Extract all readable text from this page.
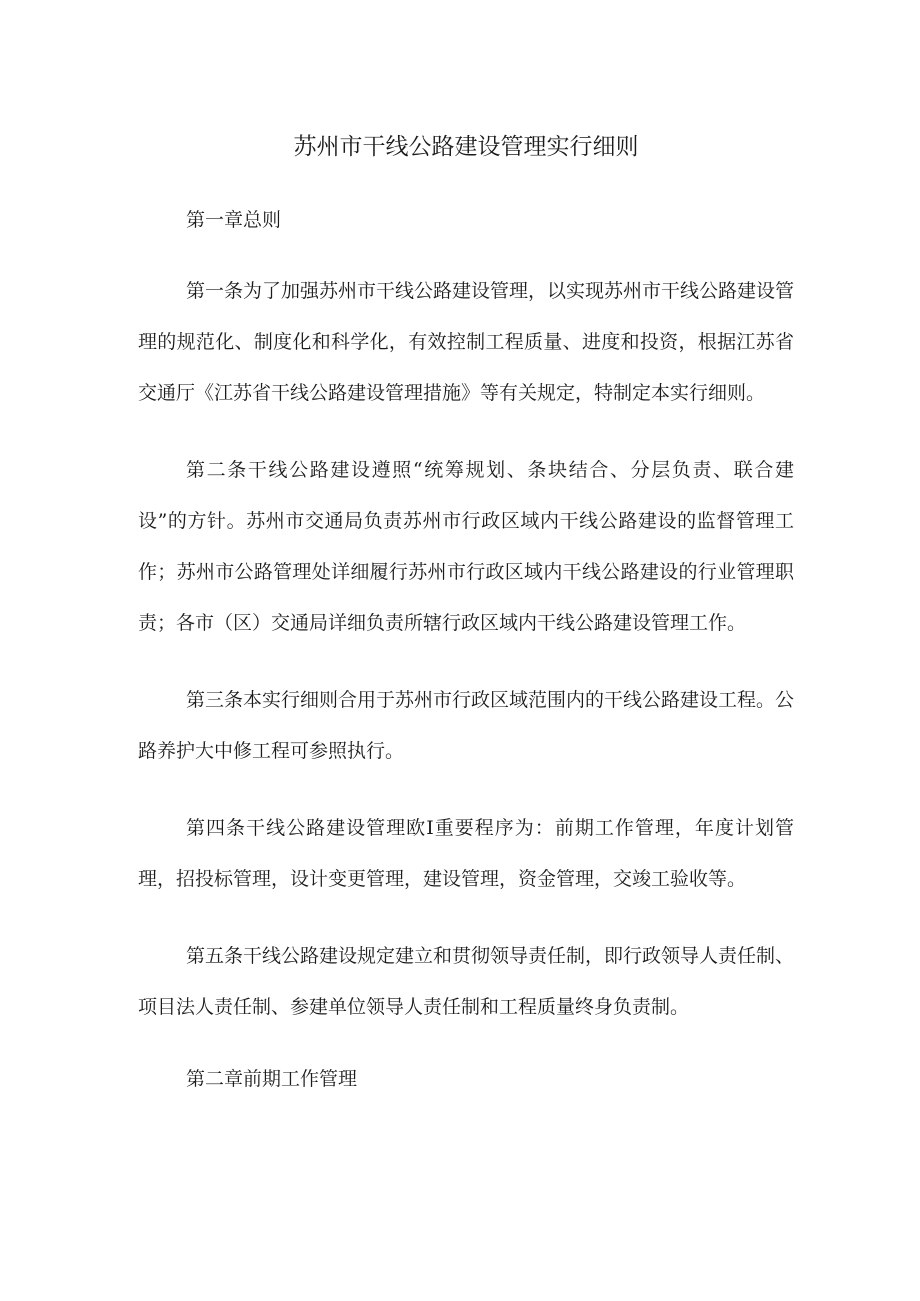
苏州市干线公路建设管理实行细则

第一章总则

第一条为了加强苏州市干线公路建设管理，以实现苏州市干线公路建设管理的规范化、制度化和科学化，有效控制工程质量、进度和投资，根据江苏省交通厅《江苏省干线公路建设管理措施》等有关规定，特制定本实行细则。

第二条干线公路建设遵照“统筹规划、条块结合、分层负责、联合建设”的方针。苏州市交通局负责苏州市行政区域内干线公路建设的监督管理工作；苏州市公路管理处详细履行苏州市行政区域内干线公路建设的行业管理职责；各市（区）交通局详细负责所辖行政区域内干线公路建设管理工作。

第三条本实行细则合用于苏州市行政区域范围内的干线公路建设工程。公路养护大中修工程可参照执行。

第四条干线公路建设管理欧I重要程序为：前期工作管理，年度计划管理，招投标管理，设计变更管理，建设管理，资金管理，交竣工验收等。

第五条干线公路建设规定建立和贯彻领导责任制，即行政领导人责任制、项目法人责任制、参建单位领导人责任制和工程质量终身负责制。

第二章前期工作管理
